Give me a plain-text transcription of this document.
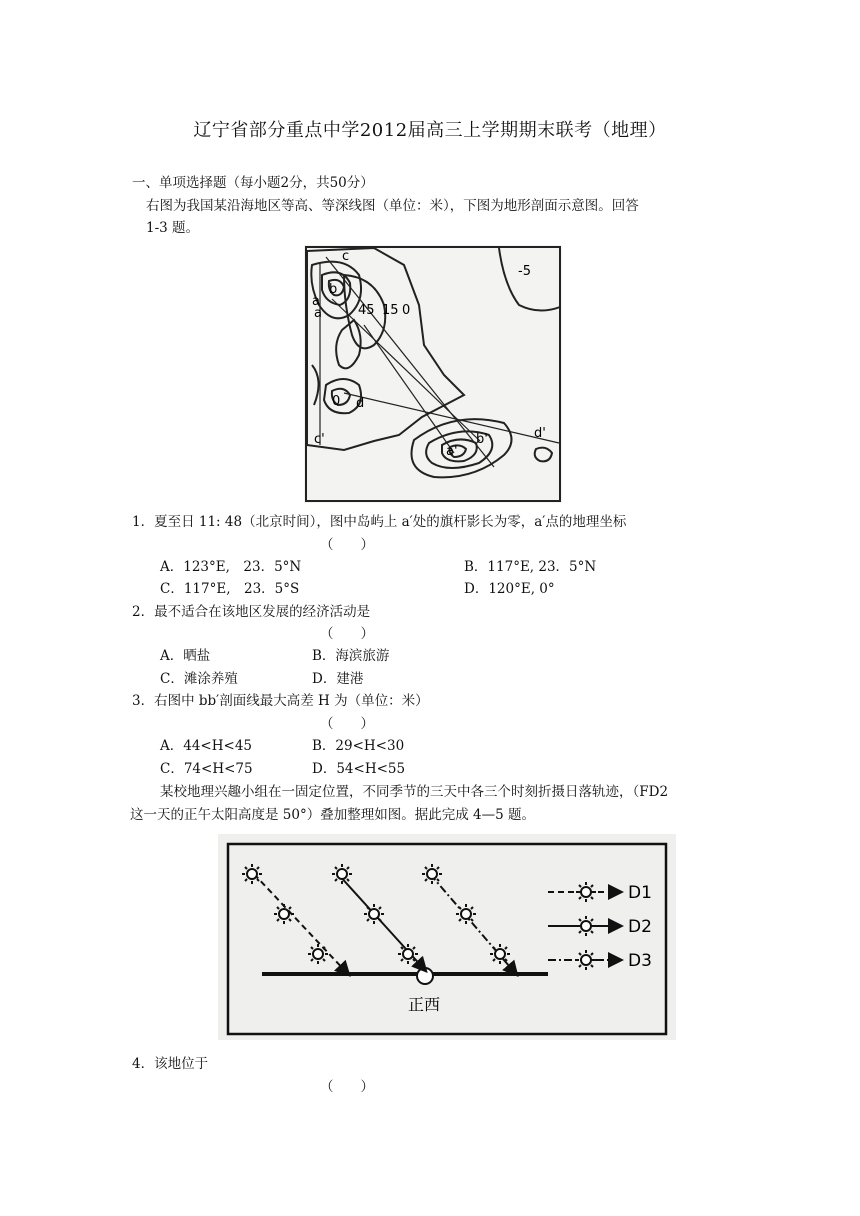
辽宁省部分重点中学2012届高三上学期期末联考（地理）
一、单项选择题（每小题2分，共50分）
右图为我国某沿海地区等高、等深线图（单位：米），下图为地形剖面示意图。回答
1-3 题。
c
b
a
a	45 15 0
0
-5
c'
a'
b'	d'
d
1．夏至日 11: 48（北京时间），图中岛屿上 a′处的旗杆影长为零，a′点的地理坐标
（　　）
A．123°E,　23．5°N	B．117°E, 23．5°N
C．117°E,　23．5°S	D．120°E, 0°
2．最不适合在该地区发展的经济活动是
（　　）
A．晒盐	B．海滨旅游
C．滩涂养殖	D．建港
3．右图中 bb′剖面线最大高差 H 为（单位：米）
（　　）
A．44<H<45	B．29<H<30
C．74<H<75	D．54<H<55
某校地理兴趣小组在一固定位置，不同季节的三天中各三个时刻折摄日落轨迹，（FD2
这一天的正午太阳高度是 50°）叠加整理如图。据此完成 4—5 题。
D1
D2
D3
正西
4．该地位于
（　　）
